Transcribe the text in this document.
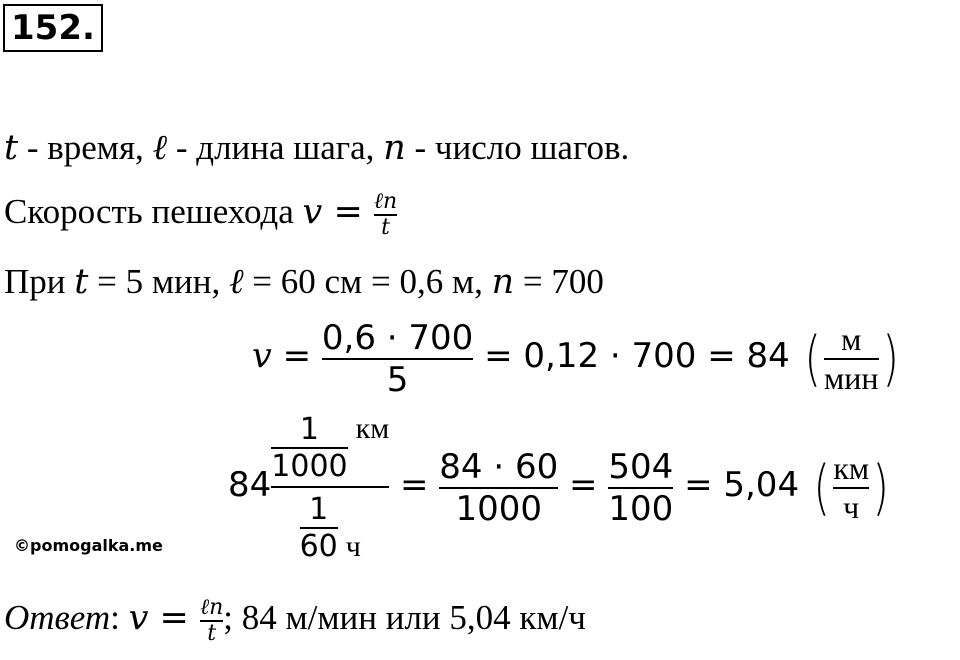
152.
t - время, ℓ - длина шага, n - число шагов.
Скорость пешехода $v = \frac{\text{ℓn}}{t}$
При t = 5 мин, ℓ = 60 см = 0,6 м, n = 700
$v = \frac{0,6 \cdot 700}{5} = 0,12 \cdot 700 = 84$ ( $\frac{м}{\text{мин}}$ )
$84 \frac{\frac{1}{1000} км}{\frac{1}{60} ч} = \frac{84 \cdot 60}{1000} = \frac{504}{100} = 5,04$ ( $\frac{км}{ч}$ )
©pomogalka.me
Ответ: $v = \frac{\text{ℓn}}{t}$ ; 84 м/мин или 5,04 км/ч
